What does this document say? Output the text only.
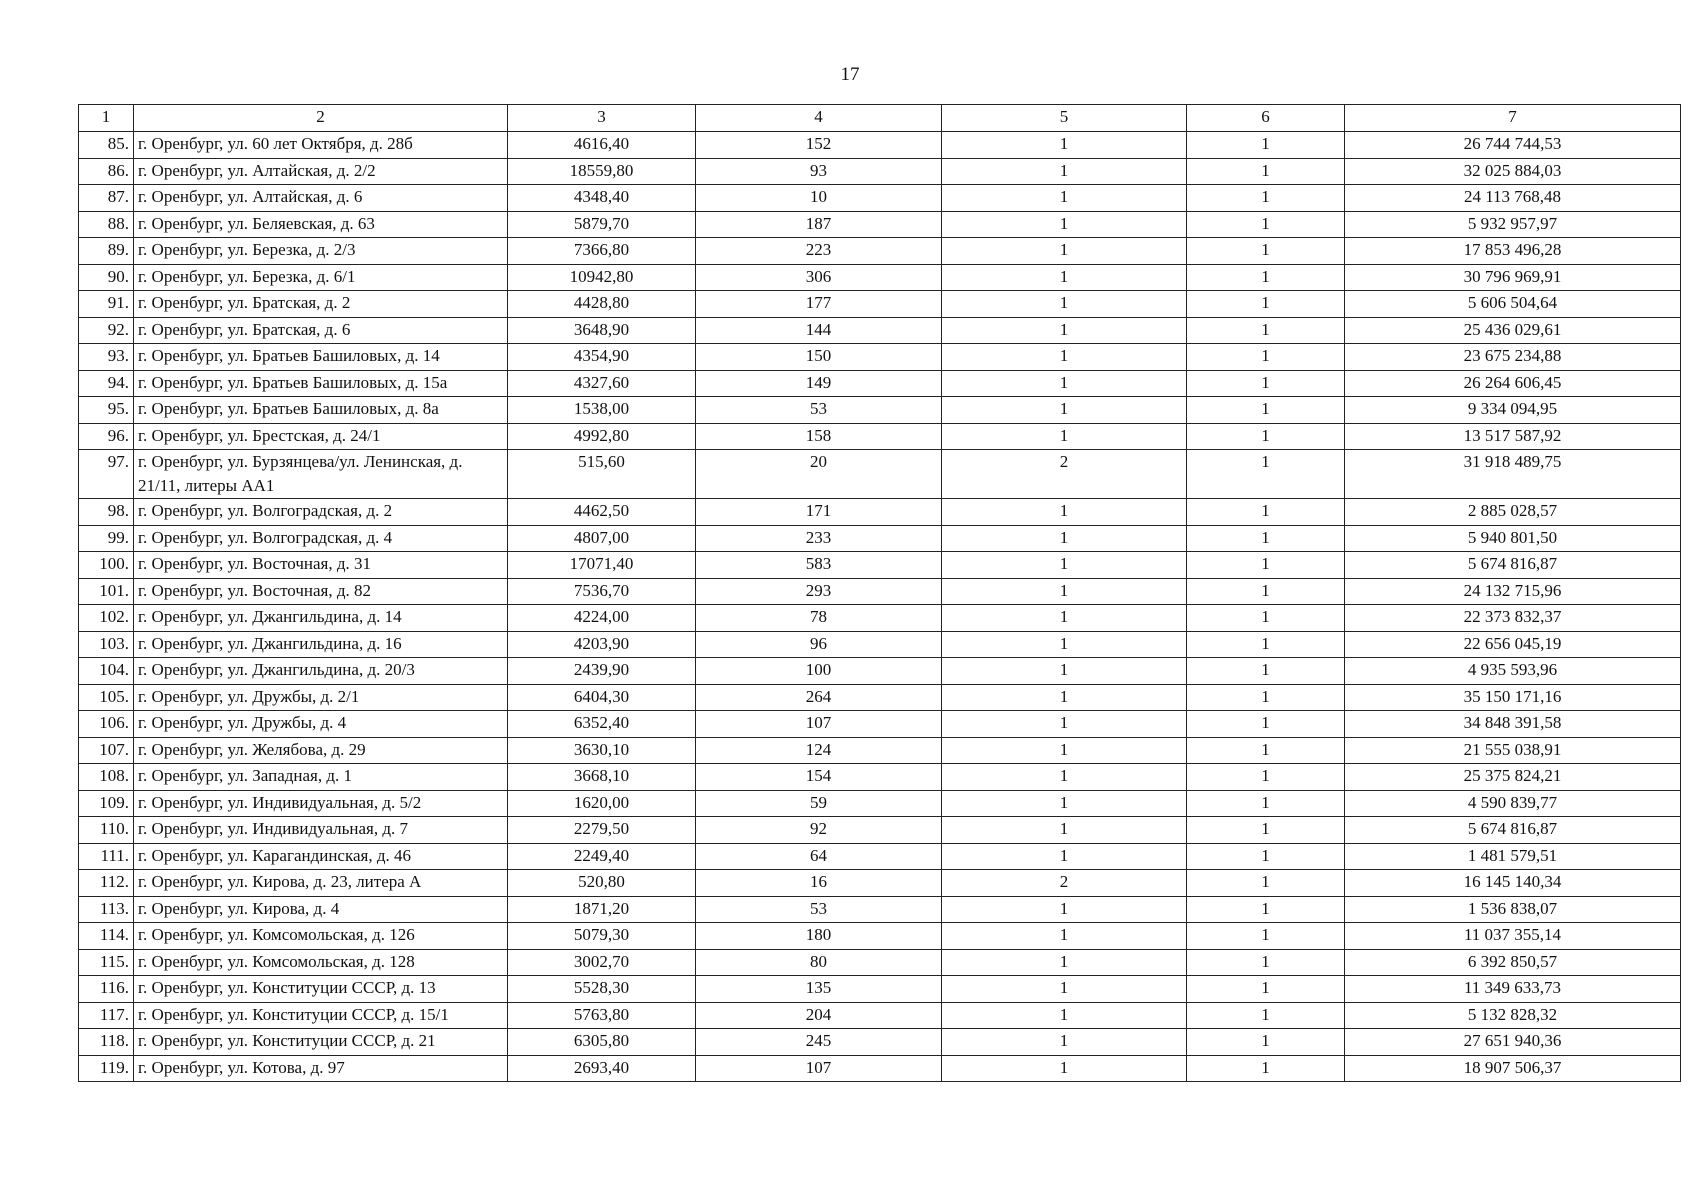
17
1	2	3	4	5	6	7
85.	г. Оренбург, ул. 60 лет Октября, д. 28б	4616,40	152	1	1	26 744 744,53
86.	г. Оренбург, ул. Алтайская, д. 2/2	18559,80	93	1	1	32 025 884,03
87.	г. Оренбург, ул. Алтайская, д. 6	4348,40	10	1	1	24 113 768,48
88.	г. Оренбург, ул. Беляевская, д. 63	5879,70	187	1	1	5 932 957,97
89.	г. Оренбург, ул. Березка, д. 2/3	7366,80	223	1	1	17 853 496,28
90.	г. Оренбург, ул. Березка, д. 6/1	10942,80	306	1	1	30 796 969,91
91.	г. Оренбург, ул. Братская, д. 2	4428,80	177	1	1	5 606 504,64
92.	г. Оренбург, ул. Братская, д. 6	3648,90	144	1	1	25 436 029,61
93.	г. Оренбург, ул. Братьев Башиловых, д. 14	4354,90	150	1	1	23 675 234,88
94.	г. Оренбург, ул. Братьев Башиловых, д. 15а	4327,60	149	1	1	26 264 606,45
95.	г. Оренбург, ул. Братьев Башиловых, д. 8а	1538,00	53	1	1	9 334 094,95
96.	г. Оренбург, ул. Брестская, д. 24/1	4992,80	158	1	1	13 517 587,92
97.	г. Оренбург, ул. Бурзянцева/ул. Ленинская, д. 21/11, литеры АА1	515,60	20	2	1	31 918 489,75
98.	г. Оренбург, ул. Волгоградская, д. 2	4462,50	171	1	1	2 885 028,57
99.	г. Оренбург, ул. Волгоградская, д. 4	4807,00	233	1	1	5 940 801,50
100.	г. Оренбург, ул. Восточная, д. 31	17071,40	583	1	1	5 674 816,87
101.	г. Оренбург, ул. Восточная, д. 82	7536,70	293	1	1	24 132 715,96
102.	г. Оренбург, ул. Джангильдина, д. 14	4224,00	78	1	1	22 373 832,37
103.	г. Оренбург, ул. Джангильдина, д. 16	4203,90	96	1	1	22 656 045,19
104.	г. Оренбург, ул. Джангильдина, д. 20/3	2439,90	100	1	1	4 935 593,96
105.	г. Оренбург, ул. Дружбы, д. 2/1	6404,30	264	1	1	35 150 171,16
106.	г. Оренбург, ул. Дружбы, д. 4	6352,40	107	1	1	34 848 391,58
107.	г. Оренбург, ул. Желябова, д. 29	3630,10	124	1	1	21 555 038,91
108.	г. Оренбург, ул. Западная, д. 1	3668,10	154	1	1	25 375 824,21
109.	г. Оренбург, ул. Индивидуальная, д. 5/2	1620,00	59	1	1	4 590 839,77
110.	г. Оренбург, ул. Индивидуальная, д. 7	2279,50	92	1	1	5 674 816,87
111.	г. Оренбург, ул. Карагандинская, д. 46	2249,40	64	1	1	1 481 579,51
112.	г. Оренбург, ул. Кирова, д. 23, литера А	520,80	16	2	1	16 145 140,34
113.	г. Оренбург, ул. Кирова, д. 4	1871,20	53	1	1	1 536 838,07
114.	г. Оренбург, ул. Комсомольская, д. 126	5079,30	180	1	1	11 037 355,14
115.	г. Оренбург, ул. Комсомольская, д. 128	3002,70	80	1	1	6 392 850,57
116.	г. Оренбург, ул. Конституции СССР, д. 13	5528,30	135	1	1	11 349 633,73
117.	г. Оренбург, ул. Конституции СССР, д. 15/1	5763,80	204	1	1	5 132 828,32
118.	г. Оренбург, ул. Конституции СССР, д. 21	6305,80	245	1	1	27 651 940,36
119.	г. Оренбург, ул. Котова, д. 97	2693,40	107	1	1	18 907 506,37
